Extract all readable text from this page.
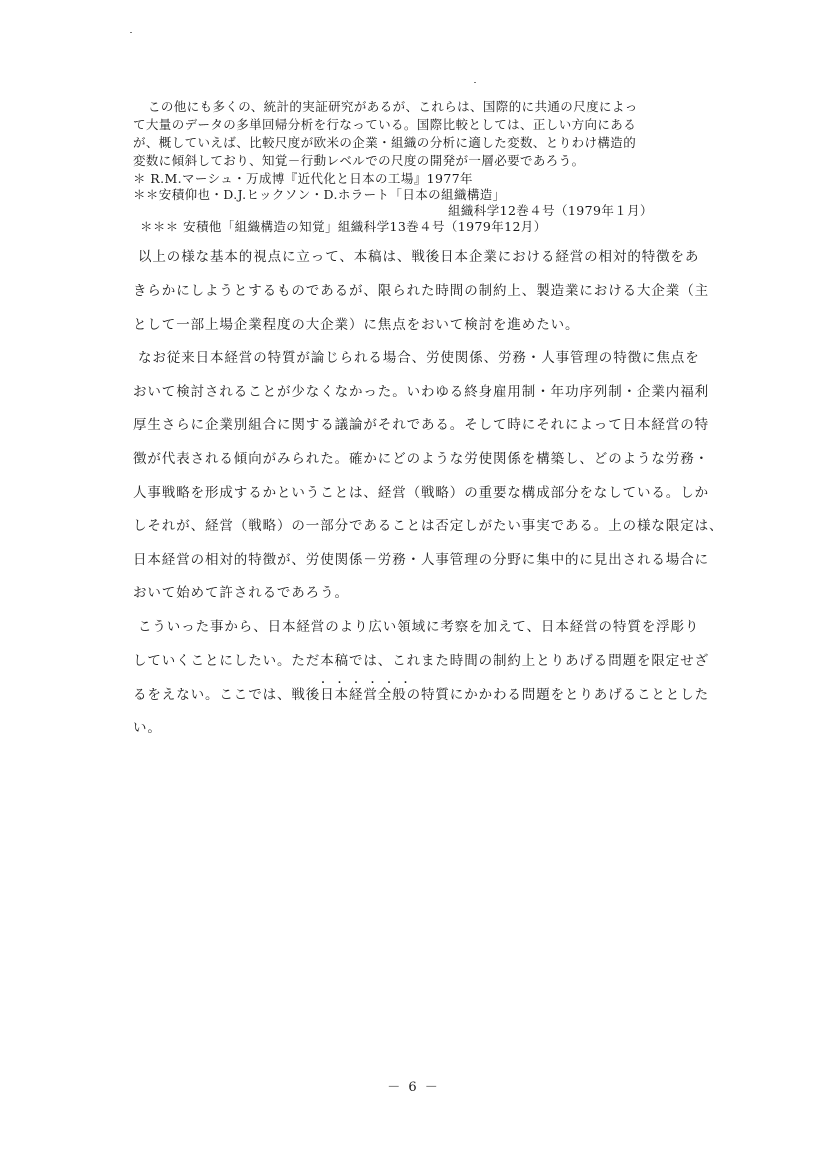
この他にも多くの、統計的実証研究があるが、これらは、国際的に共通の尺度によっ
て大量のデータの多単回帰分析を行なっている。国際比較としては、正しい方向にある
が、概していえば、比較尺度が欧米の企業・組織の分析に適した変数、とりわけ構造的
変数に傾斜しており、知覚－行動レベルでの尺度の開発が一層必要であろう。
＊ R.M.マーシュ・万成博『近代化と日本の工場』1977年
＊＊安積仰也・D.J.ヒックソン・D.ホラート「日本の組織構造」
組織科学12巻４号（1979年１月）
＊＊＊ 安積他「組織構造の知覚」組織科学13巻４号（1979年12月）
以上の様な基本的視点に立って、本稿は、戦後日本企業における経営の相対的特徴をあ
きらかにしようとするものであるが、限られた時間の制約上、製造業における大企業（主
として一部上場企業程度の大企業）に焦点をおいて検討を進めたい。
なお従来日本経営の特質が論じられる場合、労使関係、労務・人事管理の特徴に焦点を
おいて検討されることが少なくなかった。いわゆる終身雇用制・年功序列制・企業内福利
厚生さらに企業別組合に関する議論がそれである。そして時にそれによって日本経営の特
徴が代表される傾向がみられた。確かにどのような労使関係を構築し、どのような労務・
人事戦略を形成するかということは、経営（戦略）の重要な構成部分をなしている。しか
しそれが、経営（戦略）の一部分であることは否定しがたい事実である。上の様な限定は、
日本経営の相対的特徴が、労使関係－労務・人事管理の分野に集中的に見出される場合に
おいて始めて許されるであろう。
こういった事から、日本経営のより広い領域に考察を加えて、日本経営の特質を浮彫り
していくことにしたい。ただ本稿では、これまた時間の制約上とりあげる問題を限定せざ
・・・・・・
るをえない。ここでは、戦後日本経営全般の特質にかかわる問題をとりあげることとした
い。
－ 6 －
